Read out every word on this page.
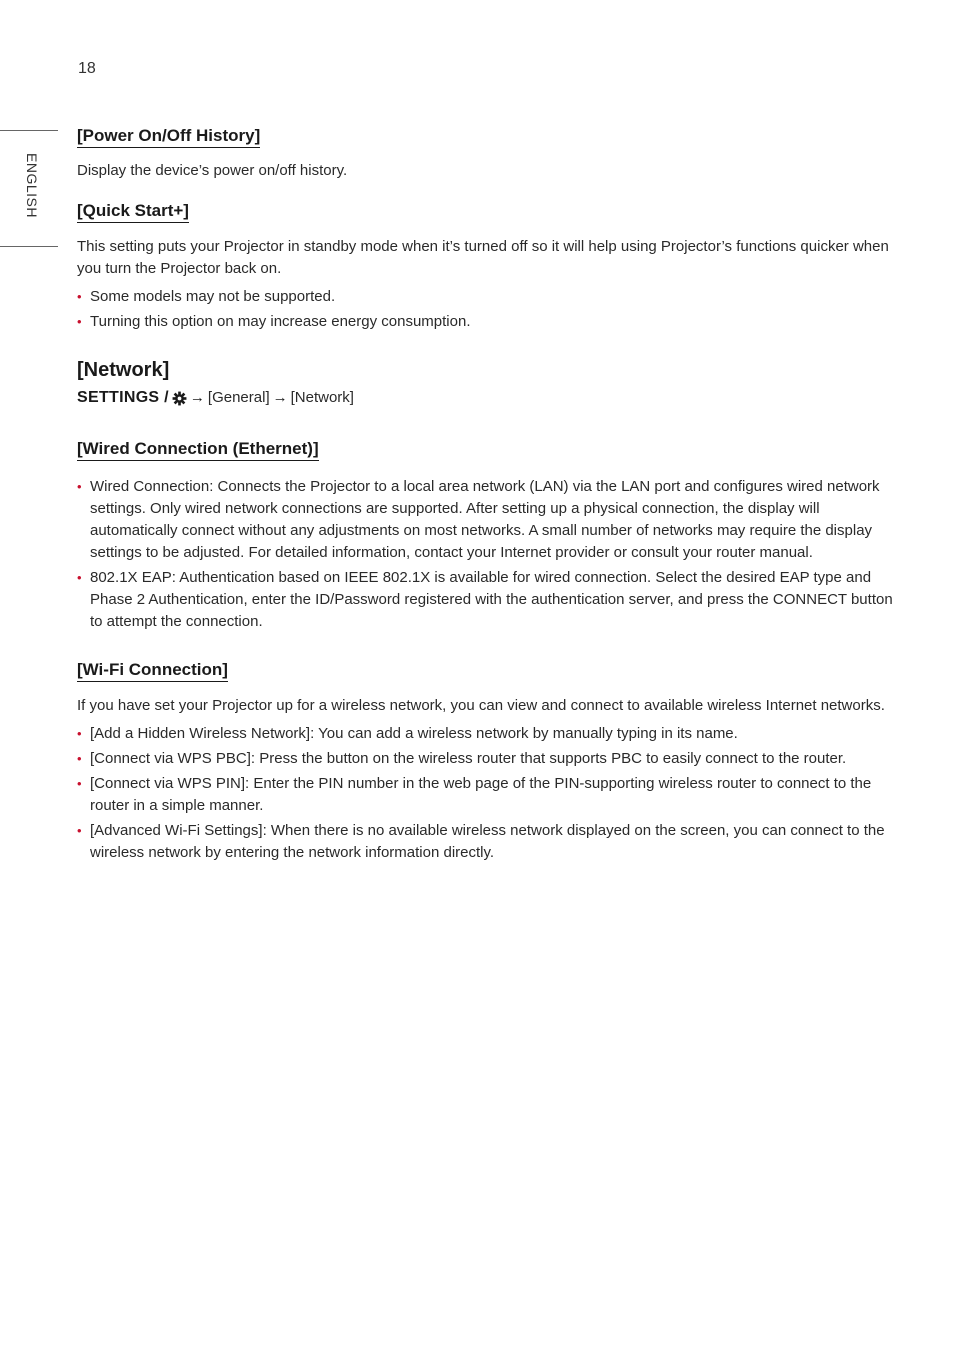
18
ENGLISH
[Power On/Off History]

Display the device’s power on/off history.

[Quick Start+]

This setting puts your Projector in standby mode when it’s turned off so it will help using Projector’s functions quicker when you turn the Projector back on.

• Some models may not be supported.
• Turning this option on may increase energy consumption.
[Network]
SETTINGS / → [General] → [Network]
[Wired Connection (Ethernet)]
• Wired Connection: Connects the Projector to a local area network (LAN) via the LAN port and configures wired network settings. Only wired network connections are supported. After setting up a physical connection, the display will automatically connect without any adjustments on most networks. A small number of networks may require the display settings to be adjusted. For detailed information, contact your Internet provider or consult your router manual.
• 802.1X EAP: Authentication based on IEEE 802.1X is available for wired connection. Select the desired EAP type and Phase 2 Authentication, enter the ID/Password registered with the authentication server, and press the CONNECT button to attempt the connection.
[Wi-Fi Connection]

If you have set your Projector up for a wireless network, you can view and connect to available wireless Internet networks.

• [Add a Hidden Wireless Network]: You can add a wireless network by manually typing in its name.
• [Connect via WPS PBC]: Press the button on the wireless router that supports PBC to easily connect to the router.
• [Connect via WPS PIN]: Enter the PIN number in the web page of the PIN-supporting wireless router to connect to the router in a simple manner.
• [Advanced Wi-Fi Settings]: When there is no available wireless network displayed on the screen, you can connect to the wireless network by entering the network information directly.
